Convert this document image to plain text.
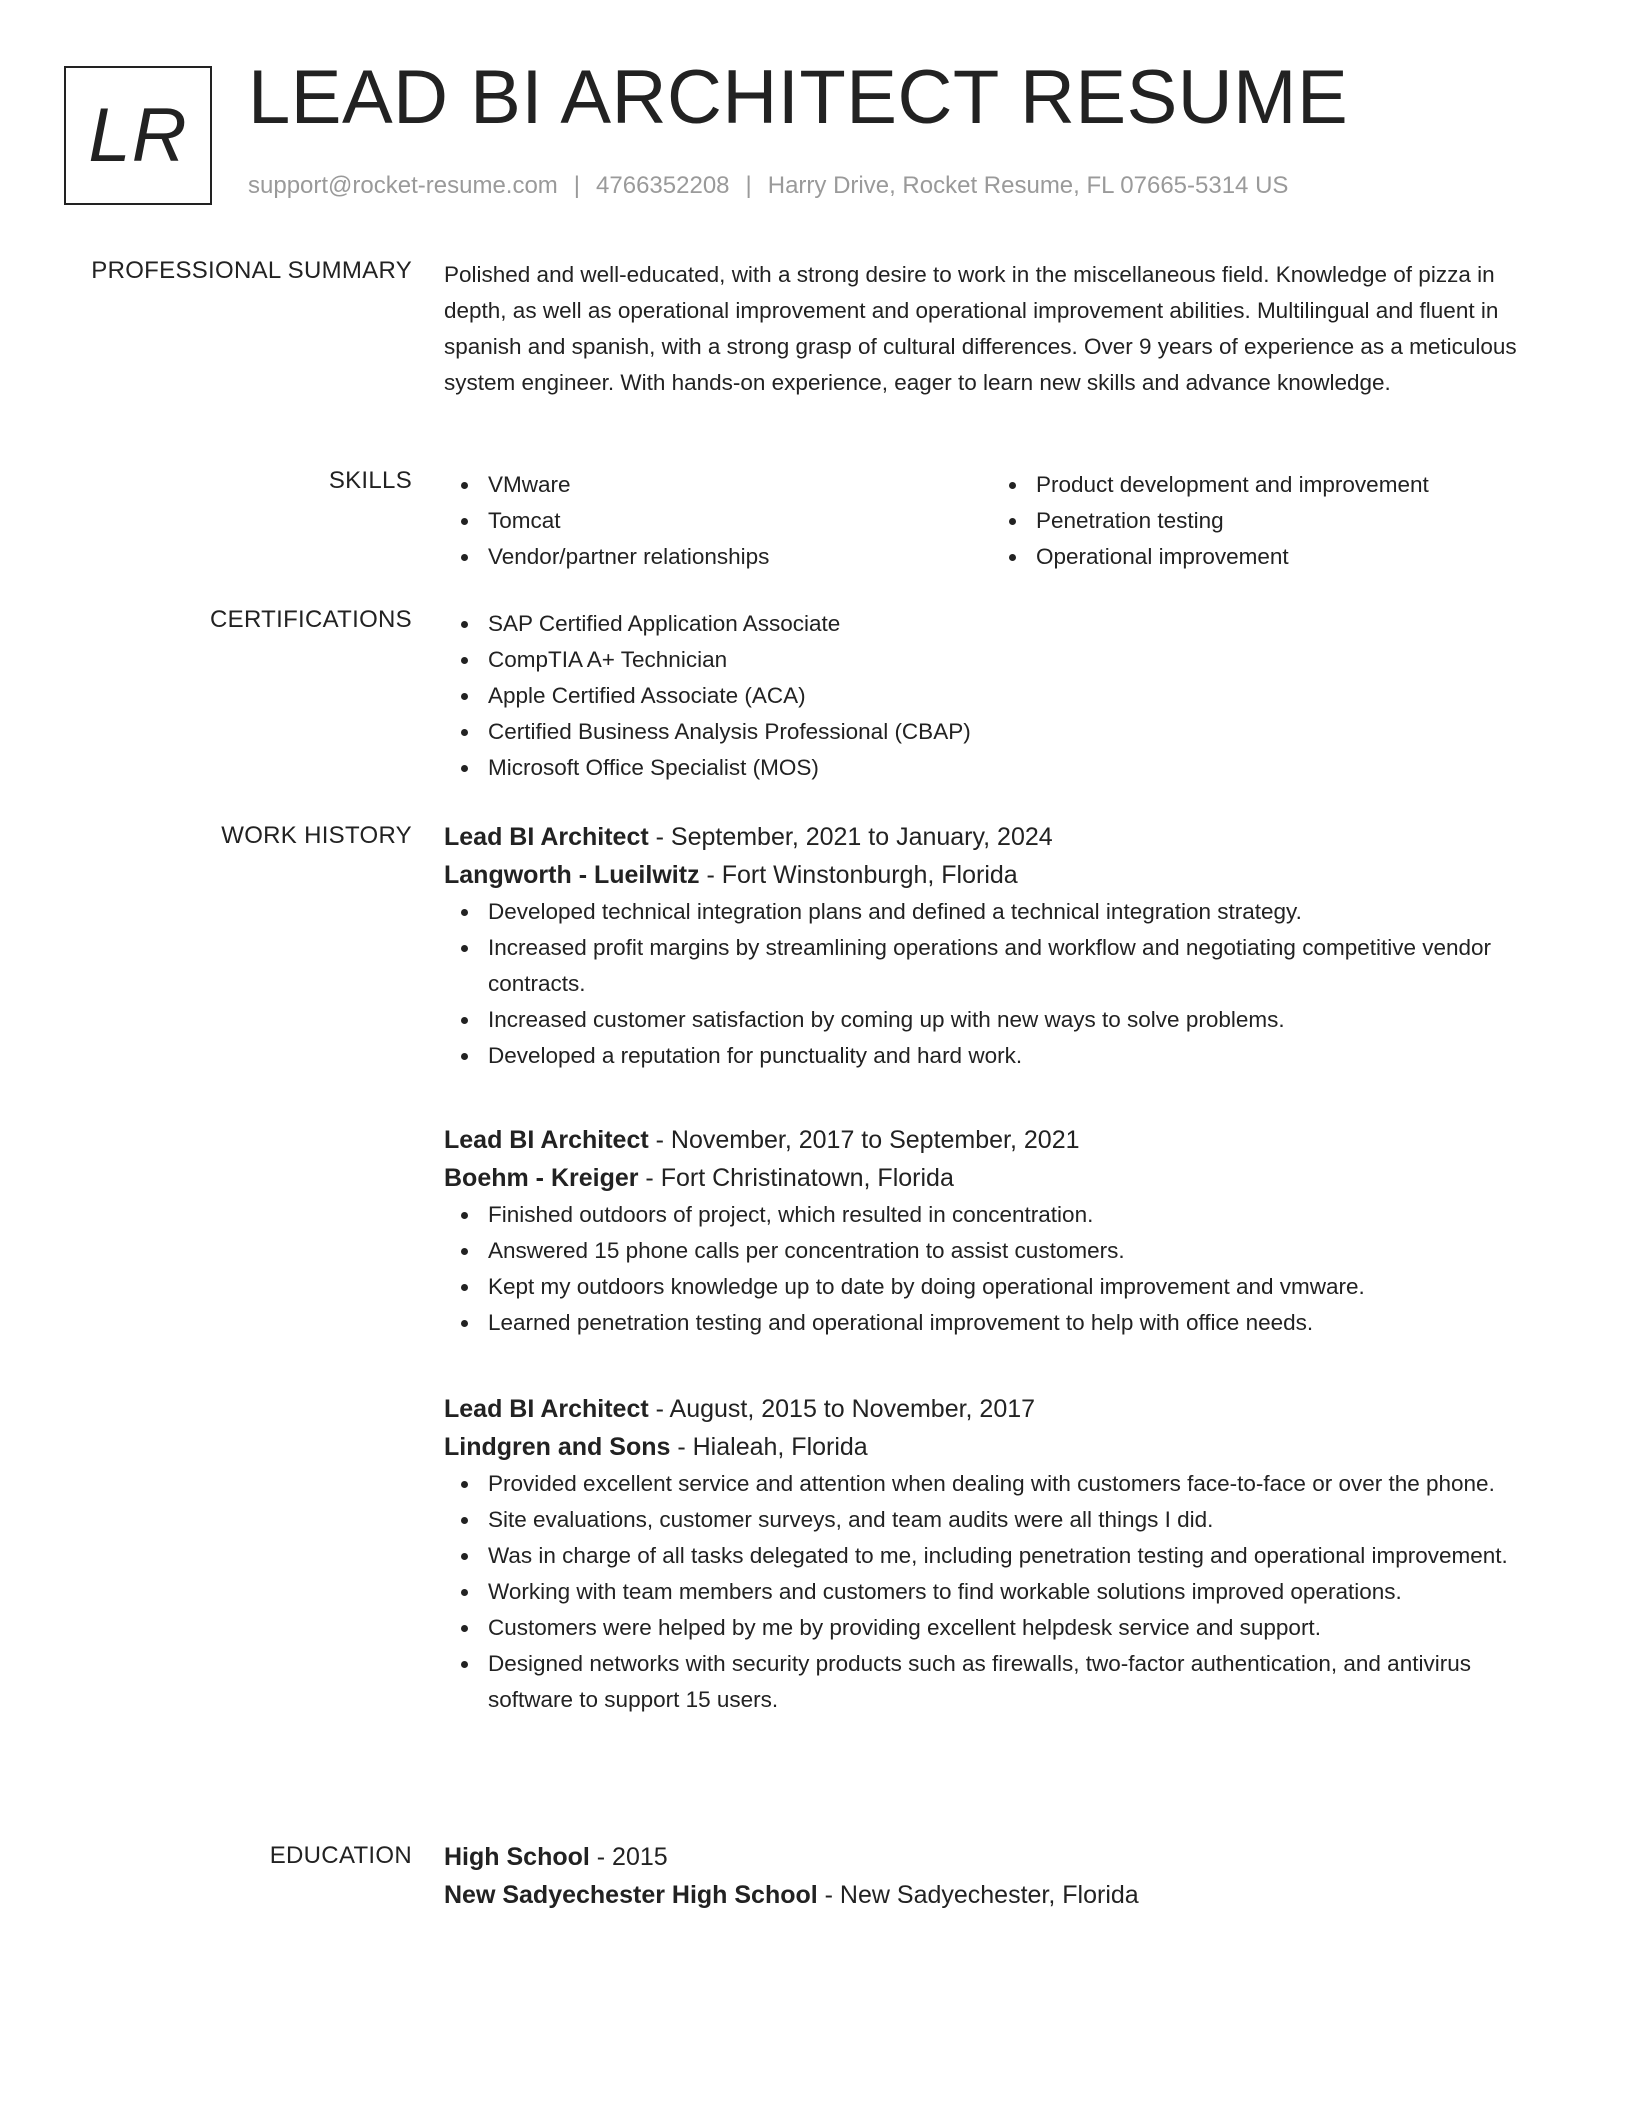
LR LEAD BI ARCHITECT RESUME
support@rocket-resume.com | 4766352208 | Harry Drive, Rocket Resume, FL 07665-5314 US
PROFESSIONAL SUMMARY Polished and well-educated, with a strong desire to work in the miscellaneous field. Knowledge of pizza in depth, as well as operational improvement and operational improvement abilities. Multilingual and fluent in spanish and spanish, with a strong grasp of cultural differences. Over 9 years of experience as a meticulous system engineer. With hands-on experience, eager to learn new skills and advance knowledge.
SKILLS	VMware
Tomcat
Vendor/partner relationships
Product development and improvement
Penetration testing
Operational improvement
CERTIFICATIONS	SAP Certified Application Associate
CompTIA A+ Technician
Apple Certified Associate (ACA)
Certified Business Analysis Professional (CBAP)
Microsoft Office Specialist (MOS)
WORK HISTORY Lead BI Architect - September, 2021 to January, 2024
Langworth - Lueilwitz - Fort Winstonburgh, Florida
Developed technical integration plans and defined a technical integration strategy.
Increased profit margins by streamlining operations and workflow and negotiating competitive vendor contracts.
Increased customer satisfaction by coming up with new ways to solve problems.
Developed a reputation for punctuality and hard work.
Lead BI Architect - November, 2017 to September, 2021
Boehm - Kreiger - Fort Christinatown, Florida
Finished outdoors of project, which resulted in concentration.
Answered 15 phone calls per concentration to assist customers.
Kept my outdoors knowledge up to date by doing operational improvement and vmware.
Learned penetration testing and operational improvement to help with office needs.
Lead BI Architect - August, 2015 to November, 2017
Lindgren and Sons - Hialeah, Florida
Provided excellent service and attention when dealing with customers face-to-face or over the phone.
Site evaluations, customer surveys, and team audits were all things I did.
Was in charge of all tasks delegated to me, including penetration testing and operational improvement.
Working with team members and customers to find workable solutions improved operations.
Customers were helped by me by providing excellent helpdesk service and support.
Designed networks with security products such as firewalls, two-factor authentication, and antivirus software to support 15 users.
EDUCATION High School - 2015
New Sadyechester High School - New Sadyechester, Florida
